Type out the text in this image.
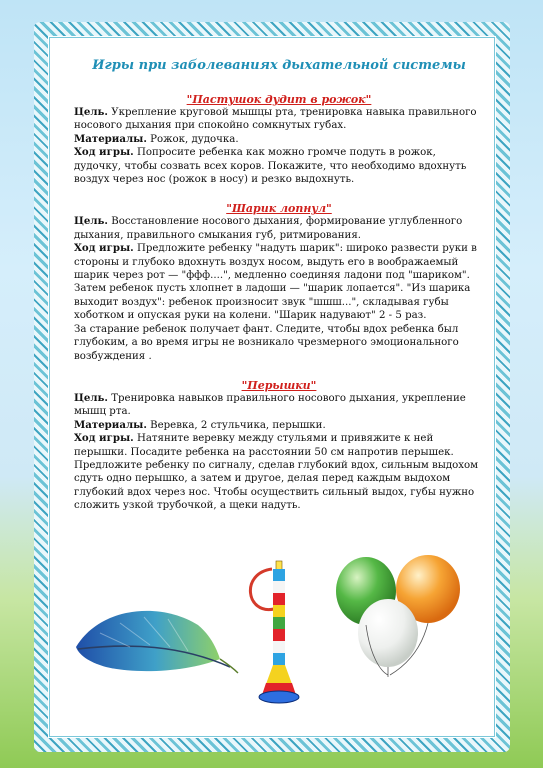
Игры при заболеваниях дыхательной системы
"Пастушок дудит в рожок"

Цель. Укрепление круговой мышцы рта, тренировка навыка правильного носового дыхания при спокойно сомкнутых губах.

Материалы. Рожок, дудочка.

Ход игры. Попросите ребенка как можно громче подуть в рожок, дудочку, чтобы созвать всех коров. Покажите, что необходимо вдохнуть воздух через нос (рожок в носу) и резко выдохнуть.

"Шарик лопнул"

Цель. Восстановление носового дыхания, формирование углубленного дыхания, правильного смыкания губ, ритмирования.

Ход игры. Предложите ребенку "надуть шарик": широко развести руки в стороны и глубоко вдохнуть воздух носом, выдуть его в воображаемый шарик через рот — "ффф....", медленно соединяя ладони под "шариком". Затем ребенок пусть хлопнет в ладоши — "шарик лопается". "Из шарика выходит воздух": ребенок произносит звук "шшш...", складывая губы хоботком и опуская руки на колени. "Шарик надувают" 2 - 5 раз.

За старание ребенок получает фант. Следите, чтобы вдох ребенка был глубоким, а во время игры не возникало чрезмерного эмоционального возбуждения .

"Перышки"

Цель. Тренировка навыков правильного носового дыхания, укрепление мышц рта.

Материалы. Веревка, 2 стульчика, перышки.

Ход игры. Натяните веревку между стульями и привяжите к ней перышки. Посадите ребенка на расстоянии 50 см напротив перышек. Предложите ребенку по сигналу, сделав глубокий вдох, сильным выдохом сдуть одно перышко, а затем и другое, делая перед каждым выдохом глубокий вдох через нос. Чтобы осуществить сильный выдох, губы нужно сложить узкой трубочкой, а щеки надуть.
